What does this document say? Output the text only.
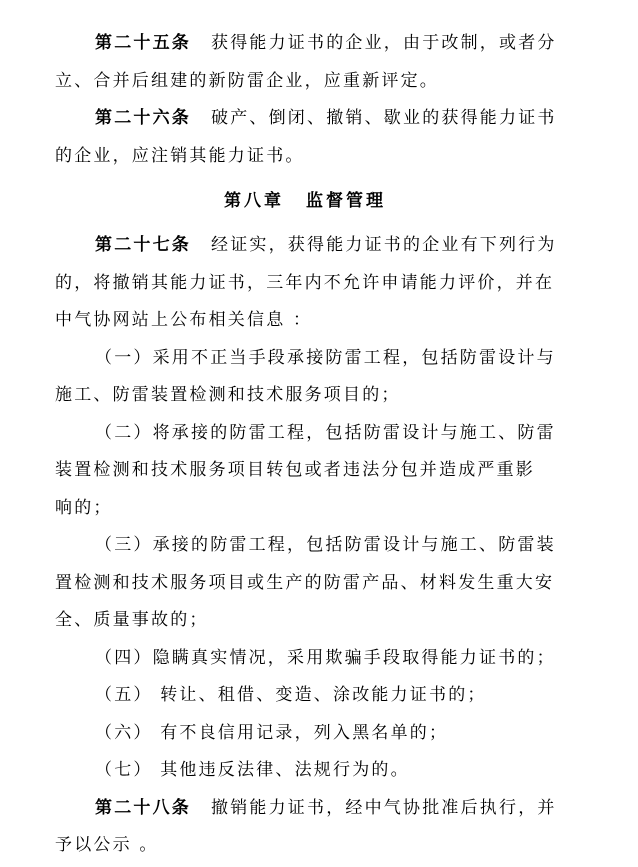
第二十五条 获得能力证书的企业，由于改制，或者分
立、合并后组建的新防雷企业，应重新评定。
第二十六条 破产、倒闭、撤销、歇业的获得能力证书
的企业，应注销其能力证书。
第八章 监督管理
第二十七条 经证实，获得能力证书的企业有下列行为
的，将撤销其能力证书，三年内不允许申请能力评价，并在
中气协网站上公布相关信息 ：
（一）采用不正当手段承接防雷工程，包括防雷设计与
施工、防雷装置检测和技术服务项目的；
（二）将承接的防雷工程，包括防雷设计与施工、防雷
装置检测和技术服务项目转包或者违法分包并造成严重影
响的；
（三）承接的防雷工程，包括防雷设计与施工、防雷装
置检测和技术服务项目或生产的防雷产品、材料发生重大安
全、质量事故的；
（四）隐瞒真实情况，采用欺骗手段取得能力证书的；
（五） 转让、租借、变造、涂改能力证书的；
（六） 有不良信用记录，列入黑名单的；
（七） 其他违反法律、法规行为的。
第二十八条 撤销能力证书，经中气协批准后执行，并
予以公示 。
